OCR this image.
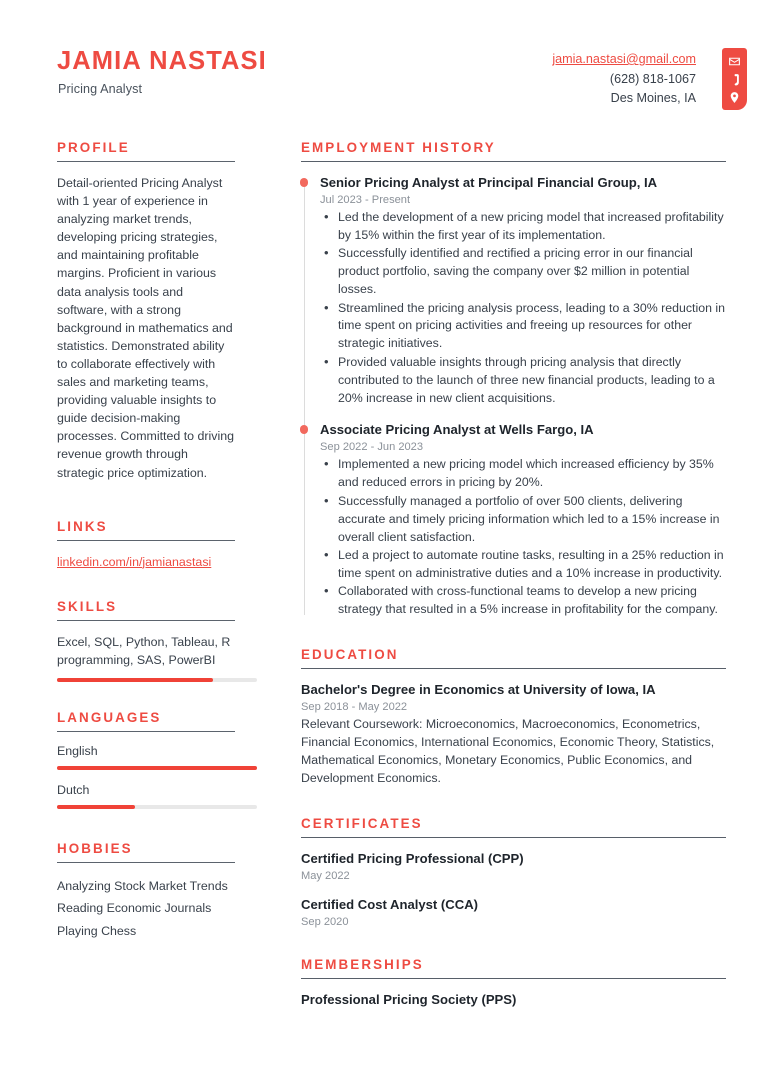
JAMIA NASTASI
Pricing Analyst
jamia.nastasi@gmail.com
(628) 818-1067
Des Moines, IA
PROFILE
Detail-oriented Pricing Analyst with 1 year of experience in analyzing market trends, developing pricing strategies, and maintaining profitable margins. Proficient in various data analysis tools and software, with a strong background in mathematics and statistics. Demonstrated ability to collaborate effectively with sales and marketing teams, providing valuable insights to guide decision-making processes. Committed to driving revenue growth through strategic price optimization.
LINKS
linkedin.com/in/jamianastasi
SKILLS
Excel, SQL, Python, Tableau, R programming, SAS, PowerBI
LANGUAGES
English
Dutch
HOBBIES
Analyzing Stock Market Trends
Reading Economic Journals
Playing Chess
EMPLOYMENT HISTORY
Senior Pricing Analyst at Principal Financial Group, IA
Jul 2023 - Present
• Led the development of a new pricing model that increased profitability by 15% within the first year of its implementation.
• Successfully identified and rectified a pricing error in our financial product portfolio, saving the company over $2 million in potential losses.
• Streamlined the pricing analysis process, leading to a 30% reduction in time spent on pricing activities and freeing up resources for other strategic initiatives.
• Provided valuable insights through pricing analysis that directly contributed to the launch of three new financial products, leading to a 20% increase in new client acquisitions.
Associate Pricing Analyst at Wells Fargo, IA
Sep 2022 - Jun 2023
• Implemented a new pricing model which increased efficiency by 35% and reduced errors in pricing by 20%.
• Successfully managed a portfolio of over 500 clients, delivering accurate and timely pricing information which led to a 15% increase in overall client satisfaction.
• Led a project to automate routine tasks, resulting in a 25% reduction in time spent on administrative duties and a 10% increase in productivity.
• Collaborated with cross-functional teams to develop a new pricing strategy that resulted in a 5% increase in profitability for the company.
EDUCATION
Bachelor's Degree in Economics at University of Iowa, IA
Sep 2018 - May 2022
Relevant Coursework: Microeconomics, Macroeconomics, Econometrics, Financial Economics, International Economics, Economic Theory, Statistics, Mathematical Economics, Monetary Economics, Public Economics, and Development Economics.
CERTIFICATES
Certified Pricing Professional (CPP)
May 2022
Certified Cost Analyst (CCA)
Sep 2020
MEMBERSHIPS
Professional Pricing Society (PPS)
